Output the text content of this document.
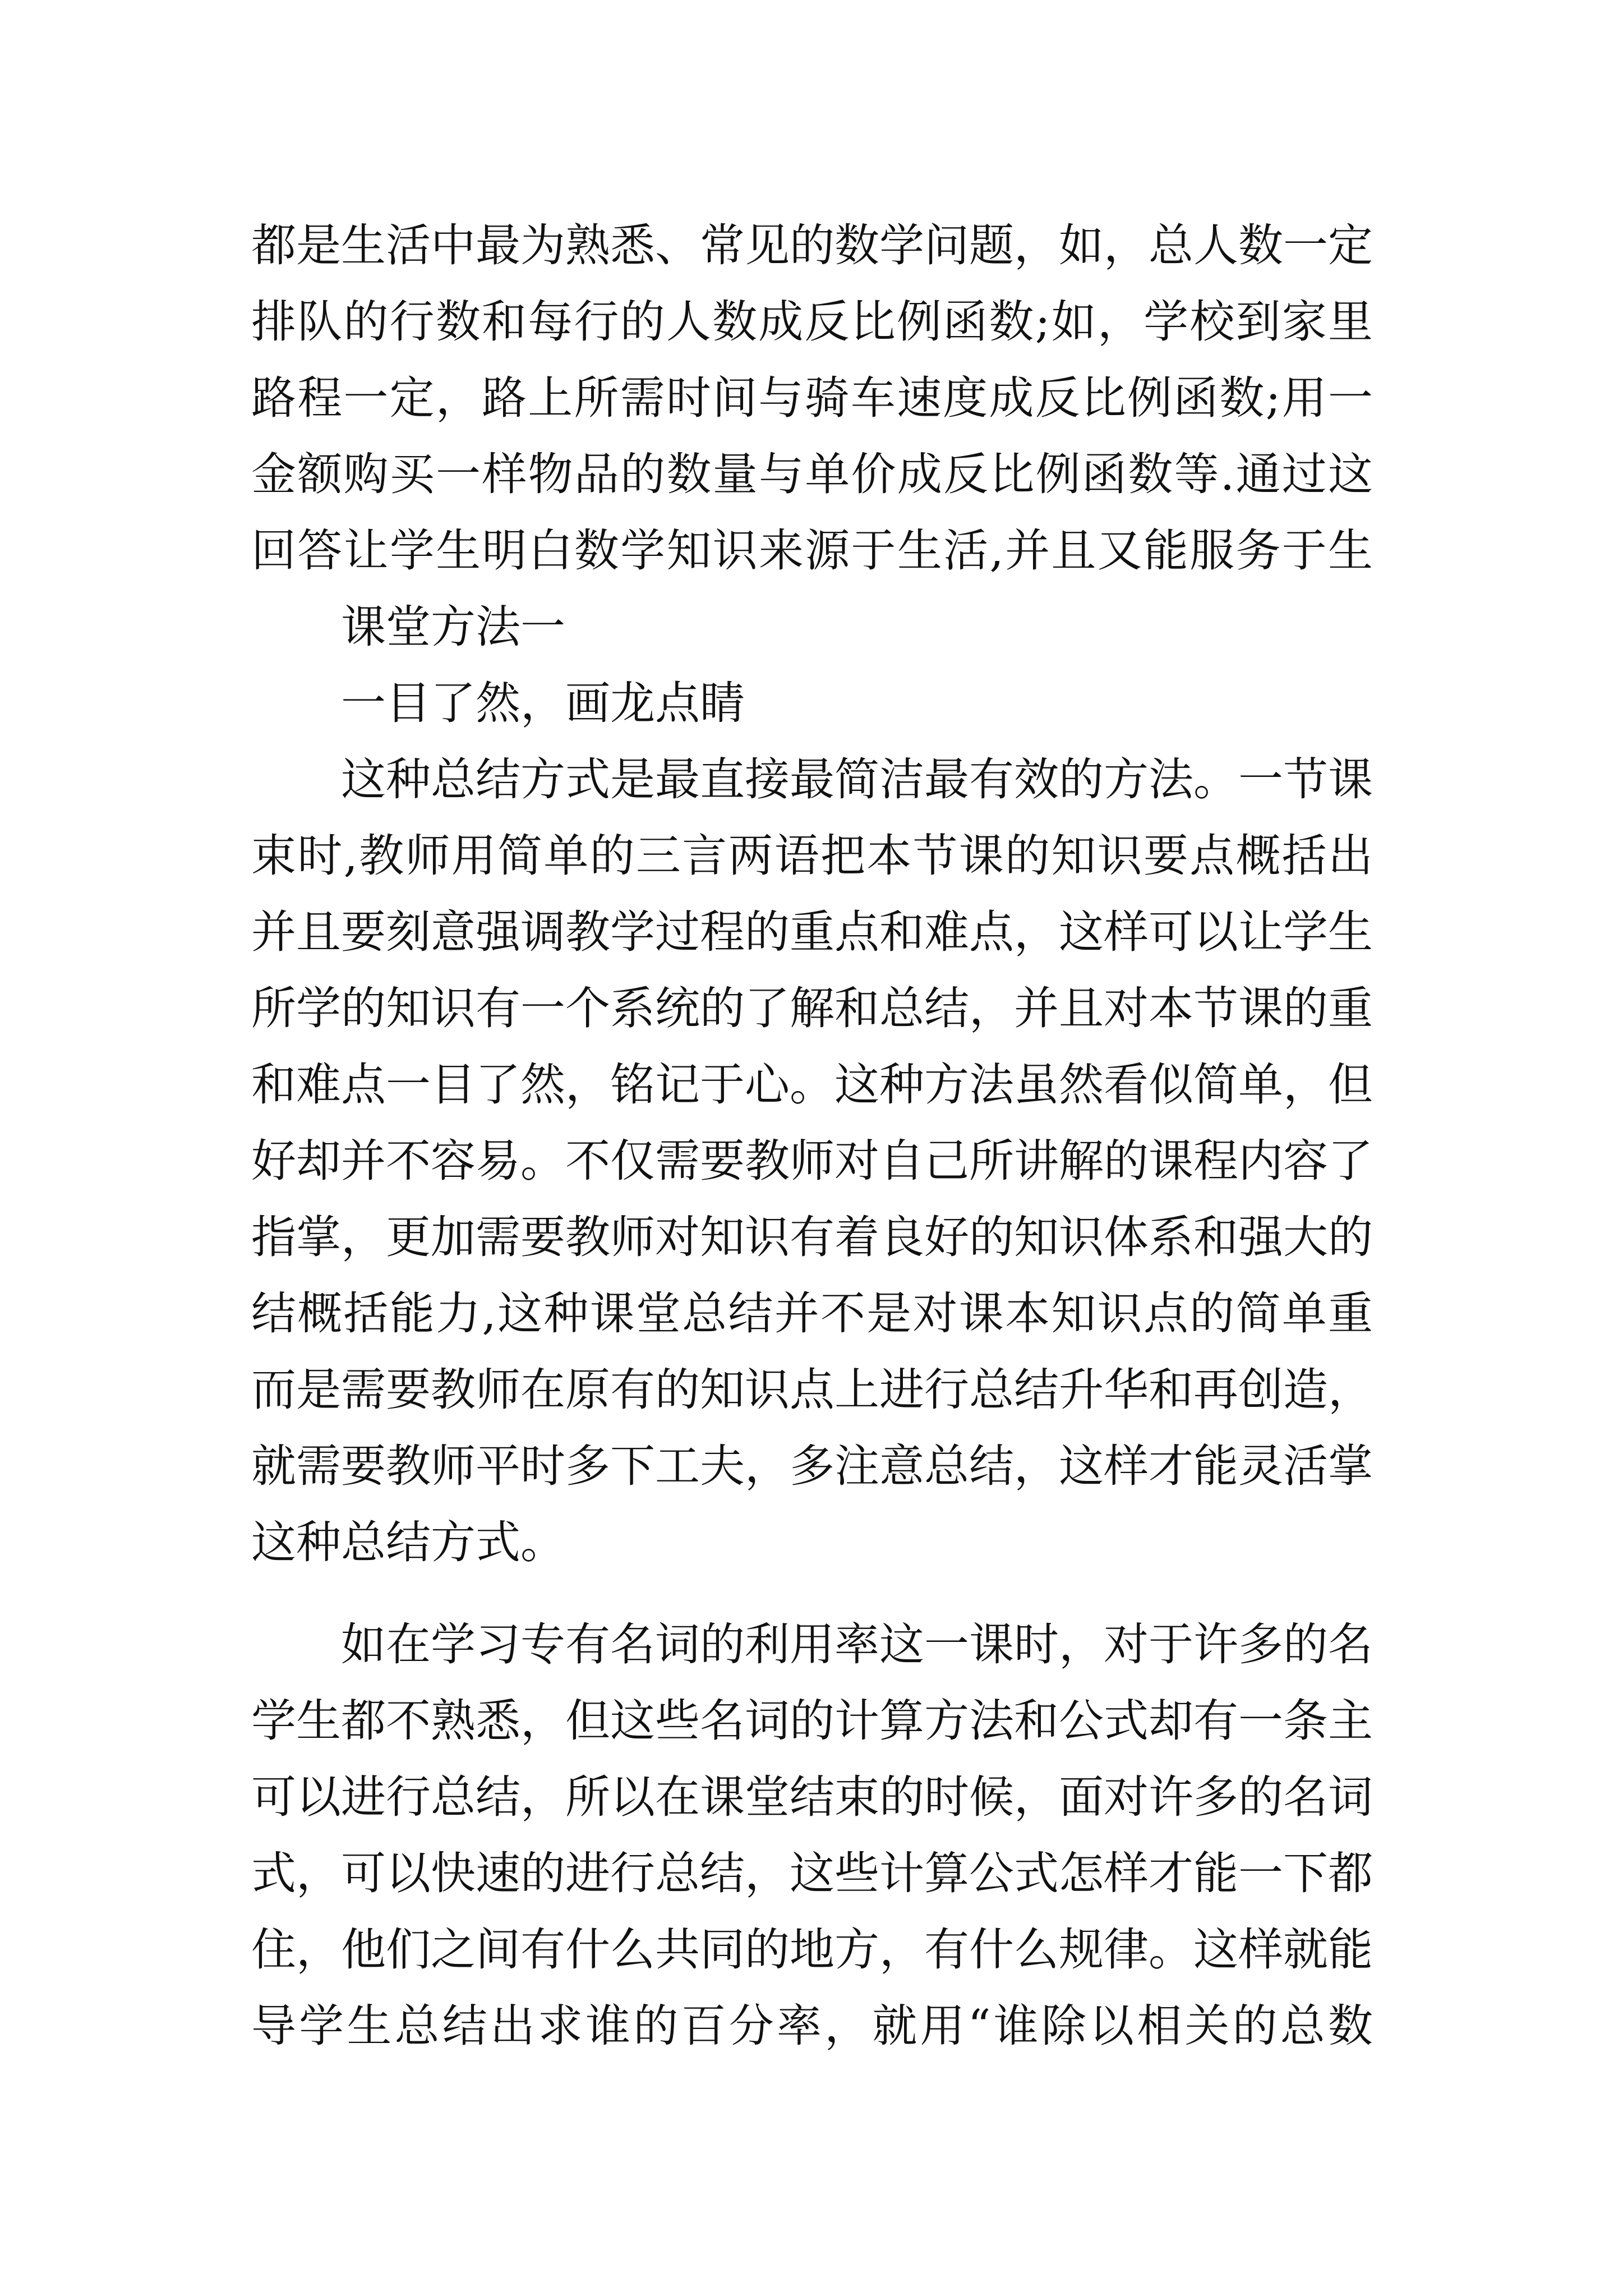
都是生活中最为熟悉、常见的数学问题，如，总人数一定
排队的行数和每行的人数成反比例函数;如，学校到家里
路程一定，路上所需时间与骑车速度成反比例函数;用一
金额购买一样物品的数量与单价成反比例函数等.通过这
回答让学生明白数学知识来源于生活,并且又能服务于生
课堂方法一
一目了然，画龙点睛
这种总结方式是最直接最简洁最有效的方法。一节课
束时,教师用简单的三言两语把本节课的知识要点概括出
并且要刻意强调教学过程的重点和难点，这样可以让学生
所学的知识有一个系统的了解和总结，并且对本节课的重
和难点一目了然，铭记于心。这种方法虽然看似简单，但
好却并不容易。不仅需要教师对自己所讲解的课程内容了
指掌，更加需要教师对知识有着良好的知识体系和强大的
结概括能力,这种课堂总结并不是对课本知识点的简单重
而是需要教师在原有的知识点上进行总结升华和再创造，
就需要教师平时多下工夫，多注意总结，这样才能灵活掌
这种总结方式。
如在学习专有名词的利用率这一课时，对于许多的名
学生都不熟悉，但这些名词的计算方法和公式却有一条主
可以进行总结，所以在课堂结束的时候，面对许多的名词
式，可以快速的进行总结，这些计算公式怎样才能一下都
住，他们之间有什么共同的地方，有什么规律。这样就能
导学生总结出求谁的百分率，就用“谁除以相关的总数
